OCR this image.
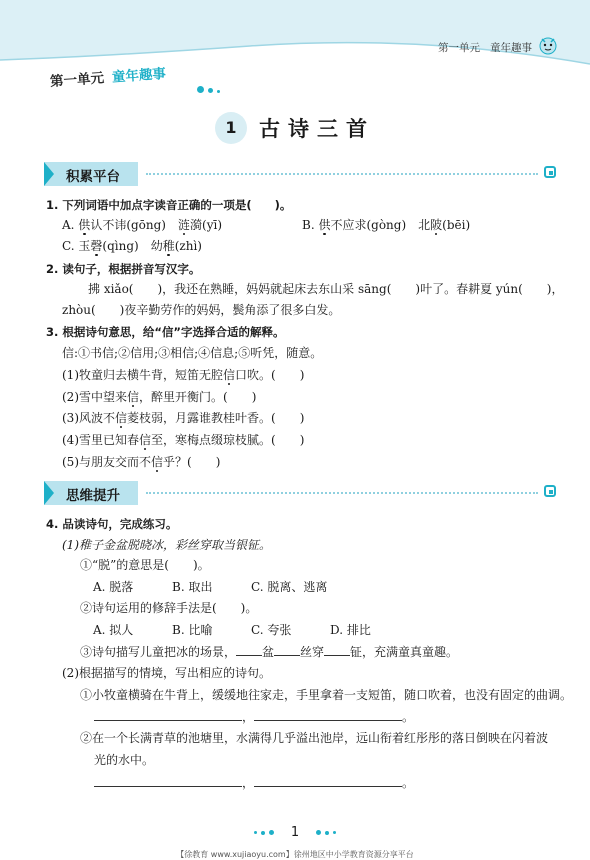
第一单元 童年趣事
第一单元 童年趣事
1 古诗三首
积累平台
1. 下列词语中加点字读音正确的一项是(　　)。
A. 供认不讳(gōng)　涟漪(yī)	B. 供不应求(gòng)　北陂(bēi)
C. 玉磬(qìng)　幼稚(zhì)
2. 读句子，根据拼音写汉字。
拂 xiǎo(　　)，我还在熟睡，妈妈就起床去东山采 sāng(　　)叶了。春耕夏 yún(　　)，
zhòu(　　)夜辛勤劳作的妈妈，鬓角添了很多白发。
3. 根据诗句意思，给“信”字选择合适的解释。
信:①书信;②信用;③相信;④信息;⑤听凭，随意。
(1)牧童归去横牛背，短笛无腔信口吹。(　　)
(2)雪中望来信，醉里开衡门。(　　)
(3)风波不信菱枝弱，月露谁教桂叶香。(　　)
(4)雪里已知春信至，寒梅点缀琼枝腻。(　　)
(5)与朋友交而不信乎？(　　)
思维提升
4. 品读诗句，完成练习。
(1)稚子金盆脱晓冰，彩丝穿取当银钲。
①“脱”的意思是(　　)。
A. 脱落	B. 取出	C. 脱离、逃离
②诗句运用的修辞手法是(　　)。
A. 拟人	B. 比喻	C. 夸张	D. 排比
③诗句描写儿童把冰的场景， 盆 丝穿 钲，充满童真童趣。
(2)根据描写的情境，写出相应的诗句。
①小牧童横骑在牛背上，缓缓地往家走，手里拿着一支短笛，随口吹着，也没有固定的曲调。
，	。
②在一个长满青草的池塘里，水满得几乎溢出池岸，远山衔着红彤彤的落日倒映在闪着波
光的水中。
，	。
1
【徐教育 www.xujiaoyu.com】徐州地区中小学教育资源分享平台
